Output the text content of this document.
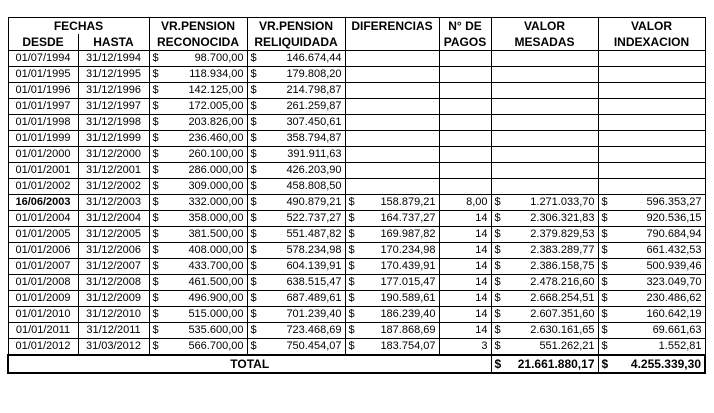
FECHAS		VR.PENSION	VR.PENSION	DIFERENCIAS	N° DE	VALOR	VALOR
DESDE	HASTA	RECONOCIDA	RELIQUIDADA		PAGOS	MESADAS	INDEXACION
01/07/1994	31/12/1994	$ 98.700,00	$ 146.674,44				

01/01/1995	31/12/1995	$ 118.934,00	$ 179.808,20				

01/01/1996	31/12/1996	$ 142.125,00	$ 214.798,87				

01/01/1997	31/12/1997	$ 172.005,00	$ 261.259,87				

01/01/1998	31/12/1998	$ 203.826,00	$ 307.450,61				

01/01/1999	31/12/1999	$ 236.460,00	$ 358.794,87				

01/01/2000	31/12/2000	$ 260.100,00	$ 391.911,63				

01/01/2001	31/12/2001	$ 286.000,00	$ 426.203,90				

01/01/2002	31/12/2002	$ 309.000,00	$ 458.808,50				

16/06/2003	31/12/2003	$ 332.000,00	$ 490.879,21	$ 158.879,21	8,00	$ 1.271.033,70	$ 596.353,27

01/01/2004	31/12/2004	$ 358.000,00	$ 522.737,27	$ 164.737,27	14	$ 2.306.321,83	$ 920.536,15

01/01/2005	31/12/2005	$ 381.500,00	$ 551.487,82	$ 169.987,82	14	$ 2.379.829,53	$ 790.684,94

01/01/2006	31/12/2006	$ 408.000,00	$ 578.234,98	$ 170.234,98	14	$ 2.383.289,77	$ 661.432,53

01/01/2007	31/12/2007	$ 433.700,00	$ 604.139,91	$ 170.439,91	14	$ 2.386.158,75	$ 500.939,46

01/01/2008	31/12/2008	$ 461.500,00	$ 638.515,47	$ 177.015,47	14	$ 2.478.216,60	$ 323.049,70

01/01/2009	31/12/2009	$ 496.900,00	$ 687.489,61	$ 190.589,61	14	$ 2.668.254,51	$ 230.486,62

01/01/2010	31/12/2010	$ 515.000,00	$ 701.239,40	$ 186.239,40	14	$ 2.607.351,60	$ 160.642,19

01/01/2011	31/12/2011	$ 535.600,00	$ 723.468,69	$ 187.868,69	14	$ 2.630.161,65	$ 69.661,63

01/01/2012	31/03/2012	$ 566.700,00	$ 750.454,07	$ 183.754,07	3	$ 551.262,21	$ 1.552,81

TOTAL						$ 21.661.880,17	$ 4.255.339,30
